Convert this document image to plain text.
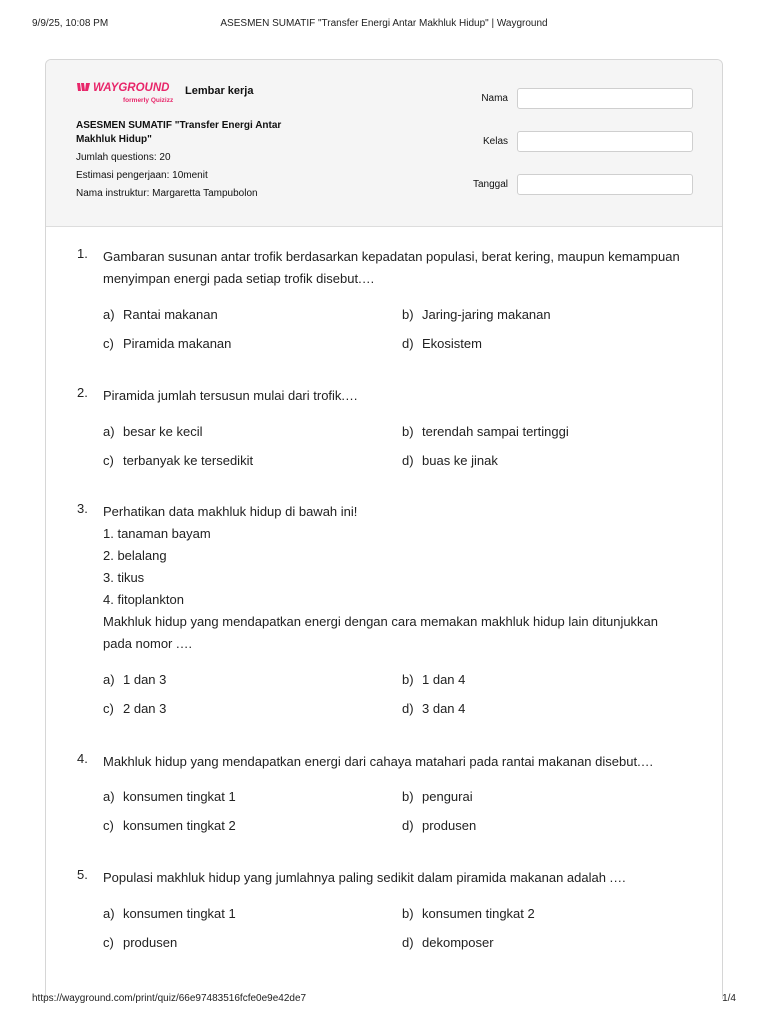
9/9/25, 10:08 PM	ASESMEN SUMATIF "Transfer Energi Antar Makhluk Hidup" | Wayground
WAYGROUND
formerly Quizizz
Lembar kerja
ASESMEN SUMATIF "Transfer Energi Antar
Makhluk Hidup"
Jumlah questions: 20
Estimasi pengerjaan: 10menit
Nama instruktur: Margaretta Tampubolon
Nama
Kelas
Tanggal
1. Gambaran susunan antar trofik berdasarkan kepadatan populasi, berat kering, maupun kemampuan
menyimpan energi pada setiap trofik disebut.…
a) Rantai makanan	b) Jaring-jaring makanan
c) Piramida makanan	d) Ekosistem
2. Piramida jumlah tersusun mulai dari trofik.…
a) besar ke kecil	b) terendah sampai tertinggi
c) terbanyak ke tersedikit	d) buas ke jinak
3. Perhatikan data makhluk hidup di bawah ini!
1. tanaman bayam
2. belalang
3. tikus
4. fitoplankton
Makhluk hidup yang mendapatkan energi dengan cara memakan makhluk hidup lain ditunjukkan
pada nomor .…
a) 1 dan 3	b) 1 dan 4
c) 2 dan 3	d) 3 dan 4
4. Makhluk hidup yang mendapatkan energi dari cahaya matahari pada rantai makanan disebut.…
a) konsumen tingkat 1	b) pengurai
c) konsumen tingkat 2	d) produsen
5. Populasi makhluk hidup yang jumlahnya paling sedikit dalam piramida makanan adalah .…
a) konsumen tingkat 1	b) konsumen tingkat 2
c) produsen	d) dekomposer
https://wayground.com/print/quiz/66e97483516fcfe0e9e42de7	1/4
